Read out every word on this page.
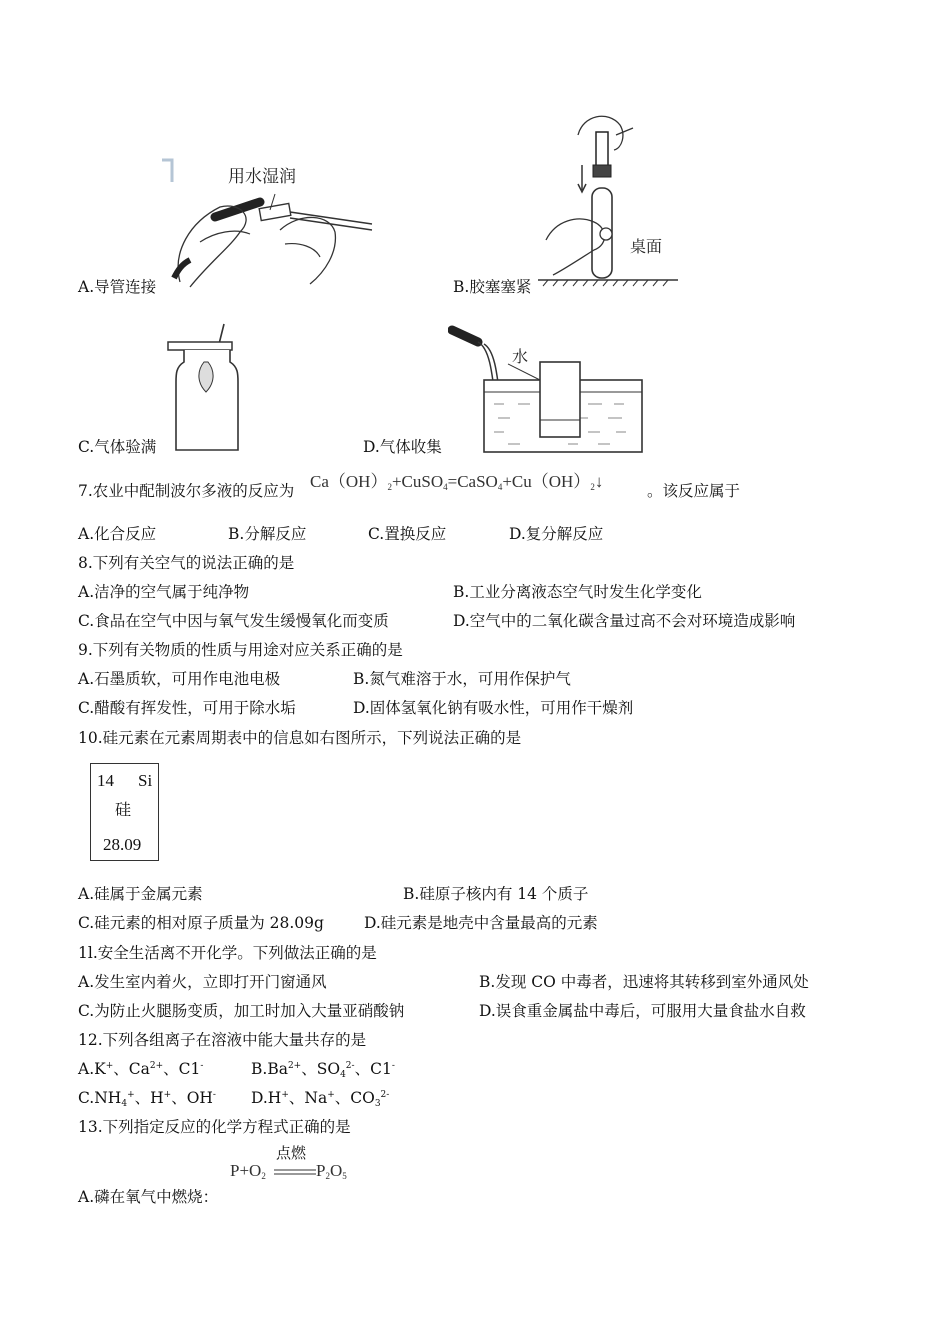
用水湿润
A.导管连接
桌面
B.胶塞塞紧
C.气体验满
水
D.气体收集
7.农业中配制波尔多液的反应为 $Ca(OH)_2+CuSO_4=CaSO_4+Cu(OH)_2↓$	。该反应属于
A.化合反应	B.分解反应	C.置换反应	D.复分解反应
8.下列有关空气的说法正确的是
A.洁净的空气属于纯净物	B.工业分离液态空气时发生化学变化
C.食品在空气中因与氧气发生缓慢氧化而变质	D.空气中的二氧化碳含量过高不会对环境造成影响
9.下列有关物质的性质与用途对应关系正确的是
A.石墨质软，可用作电池电极	B.氮气难溶于水，可用作保护气
C.醋酸有挥发性，可用于除水垢	D.固体氢氧化钠有吸水性，可用作干燥剂
10.硅元素在元素周期表中的信息如右图所示，下列说法正确的是
14 Si
硅
28.09
A.硅属于金属元素	B.硅原子核内有 14 个质子
C.硅元素的相对原子质量为 28.09g	D.硅元素是地壳中含量最高的元素
1l.安全生活离不开化学。下列做法正确的是
A.发生室内着火，立即打开门窗通风	B.发现 CO 中毒者，迅速将其转移到室外通风处
C.为防止火腿肠变质，加工时加入大量亚硝酸钠	D.误食重金属盐中毒后，可服用大量食盐水自救
12.下列各组离子在溶液中能大量共存的是
A.K+、$Ca^{2+}$、C1-	$B.Ba^{2+}$、$SO_4^{2-}$、C1-
$C.NH_4^+$、H+、OH- D.H+、Na+、$CO_3^{2-}$
13.下列指定反应的化学方程式正确的是
点燃
$P+O_2$	$P_2O_5$
A.磷在氧气中燃烧：
